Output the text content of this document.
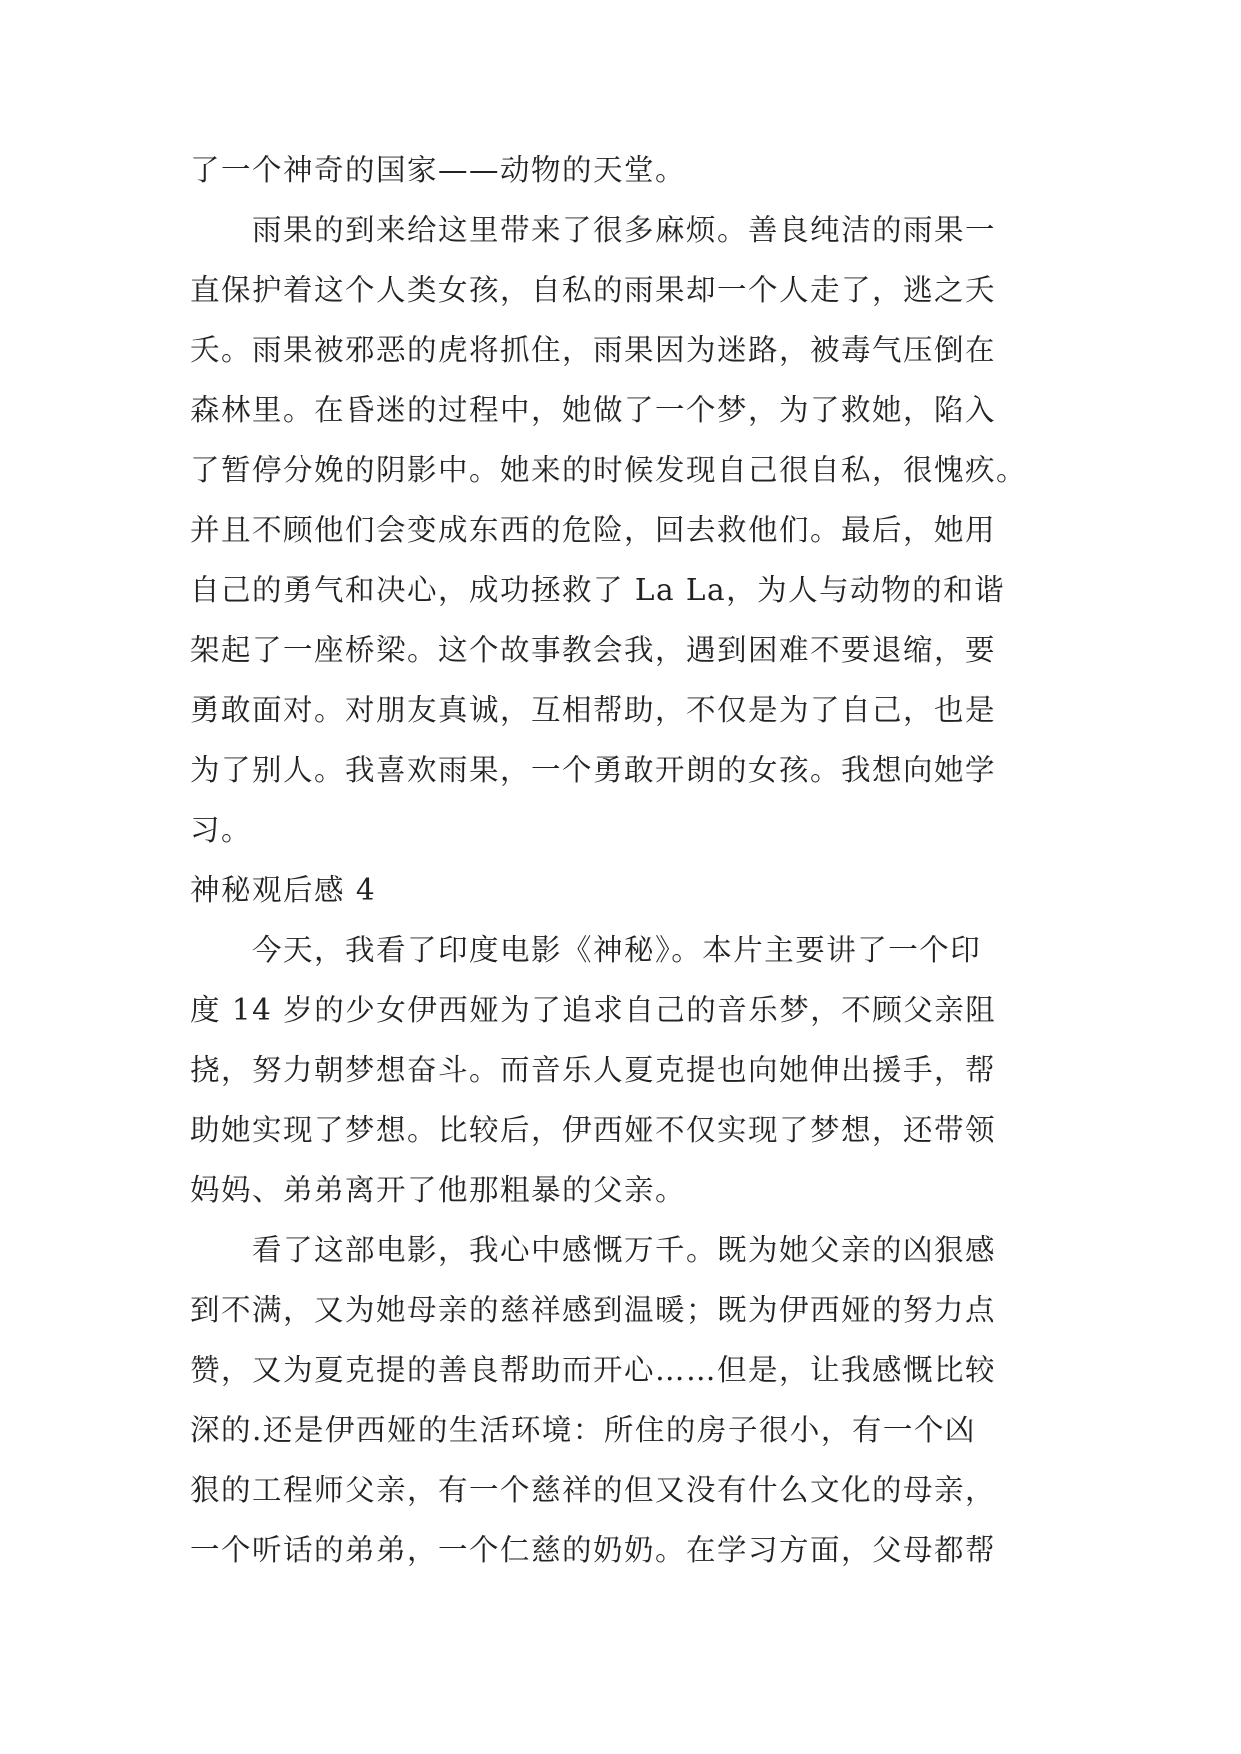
了一个神奇的国家——动物的天堂。
雨果的到来给这里带来了很多麻烦。善良纯洁的雨果一
直保护着这个人类女孩，自私的雨果却一个人走了，逃之夭
夭。雨果被邪恶的虎将抓住，雨果因为迷路，被毒气压倒在
森林里。在昏迷的过程中，她做了一个梦，为了救她，陷入
了暂停分娩的阴影中。她来的时候发现自己很自私，很愧疚。
并且不顾他们会变成东西的危险，回去救他们。最后，她用
自己的勇气和决心，成功拯救了 La La，为人与动物的和谐
架起了一座桥梁。这个故事教会我，遇到困难不要退缩，要
勇敢面对。对朋友真诚，互相帮助，不仅是为了自己，也是
为了别人。我喜欢雨果，一个勇敢开朗的女孩。我想向她学
习。
神秘观后感 4
今天，我看了印度电影《神秘》。本片主要讲了一个印
度 14 岁的少女伊西娅为了追求自己的音乐梦，不顾父亲阻
挠，努力朝梦想奋斗。而音乐人夏克提也向她伸出援手，帮
助她实现了梦想。比较后，伊西娅不仅实现了梦想，还带领
妈妈、弟弟离开了他那粗暴的父亲。
看了这部电影，我心中感慨万千。既为她父亲的凶狠感
到不满，又为她母亲的慈祥感到温暖；既为伊西娅的努力点
赞，又为夏克提的善良帮助而开心……但是，让我感慨比较
深的.还是伊西娅的生活环境：所住的房子很小，有一个凶
狠的工程师父亲，有一个慈祥的但又没有什么文化的母亲，
一个听话的弟弟，一个仁慈的奶奶。在学习方面，父母都帮
